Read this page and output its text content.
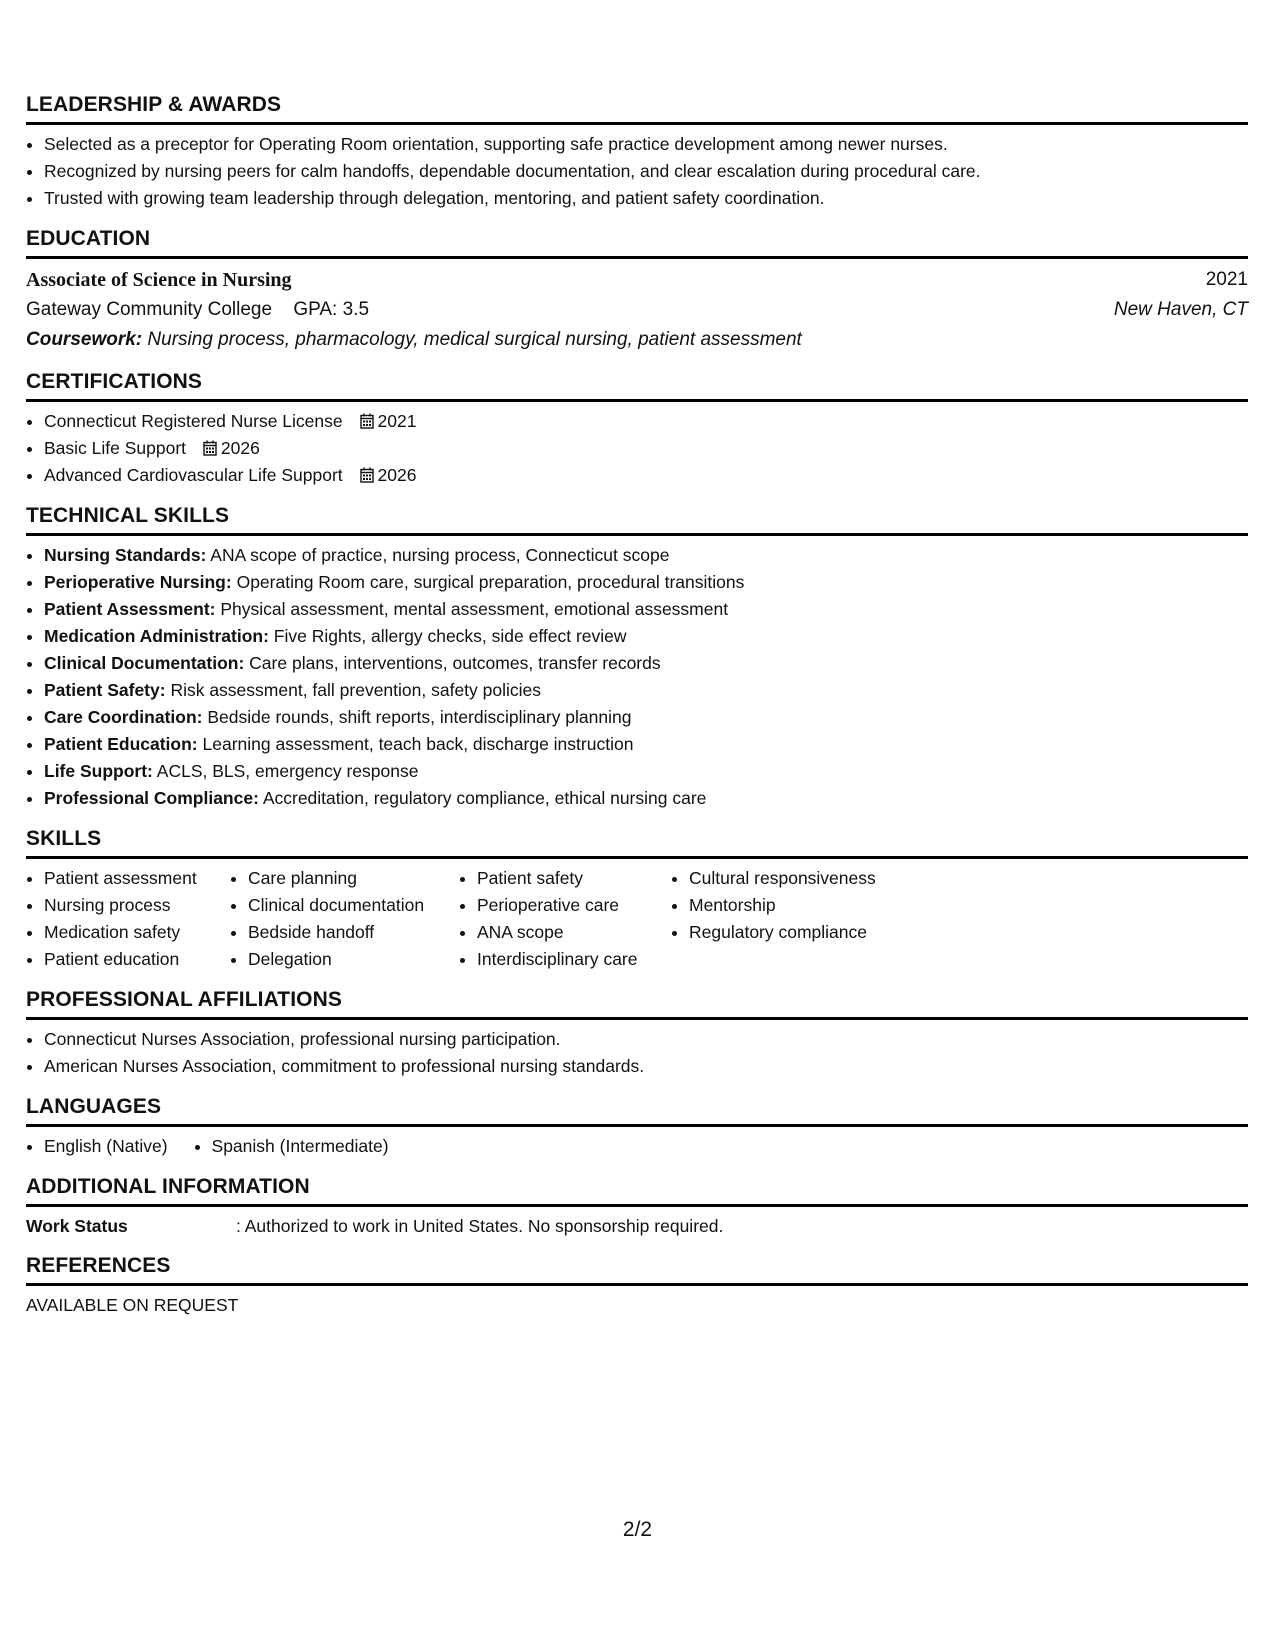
LEADERSHIP & AWARDS
• Selected as a preceptor for Operating Room orientation, supporting safe practice development among newer nurses.
• Recognized by nursing peers for calm handoffs, dependable documentation, and clear escalation during procedural care.
• Trusted with growing team leadership through delegation, mentoring, and patient safety coordination.
EDUCATION
Associate of Science in Nursing	2021
Gateway Community College GPA: 3.5	New Haven, CT
Coursework: Nursing process, pharmacology, medical surgical nursing, patient assessment
CERTIFICATIONS
• Connecticut Registered Nurse License 2021
• Basic Life Support 2026
• Advanced Cardiovascular Life Support 2026
TECHNICAL SKILLS
• Nursing Standards: ANA scope of practice, nursing process, Connecticut scope
• Perioperative Nursing: Operating Room care, surgical preparation, procedural transitions
• Patient Assessment: Physical assessment, mental assessment, emotional assessment
• Medication Administration: Five Rights, allergy checks, side effect review
• Clinical Documentation: Care plans, interventions, outcomes, transfer records
• Patient Safety: Risk assessment, fall prevention, safety policies
• Care Coordination: Bedside rounds, shift reports, interdisciplinary planning
• Patient Education: Learning assessment, teach back, discharge instruction
• Life Support: ACLS, BLS, emergency response
• Professional Compliance: Accreditation, regulatory compliance, ethical nursing care
SKILLS
• Patient assessment
• Nursing process
• Medication safety
• Patient education
• Care planning
• Clinical documentation
• Bedside handoff
• Delegation
• Patient safety
• Perioperative care
• ANA scope
• Interdisciplinary care
• Cultural responsiveness
• Mentorship
• Regulatory compliance
PROFESSIONAL AFFILIATIONS
• Connecticut Nurses Association, professional nursing participation.
• American Nurses Association, commitment to professional nursing standards.
LANGUAGES
• English (Native)
•	Spanish (Intermediate)
ADDITIONAL INFORMATION
Work Status	: Authorized to work in United States. No sponsorship required.
REFERENCES
AVAILABLE ON REQUEST
2/2
